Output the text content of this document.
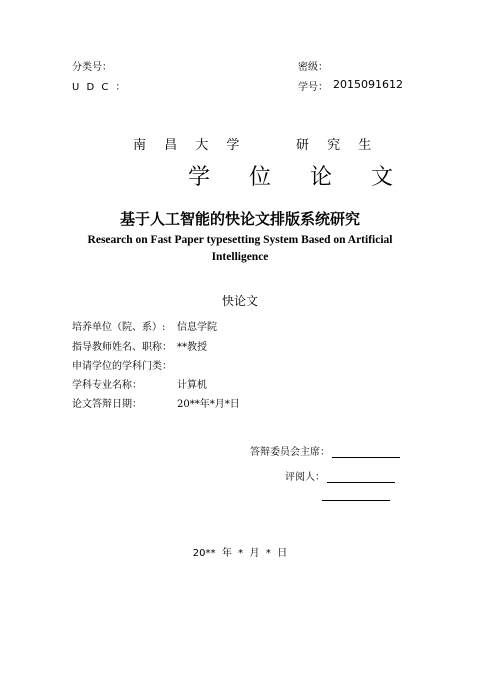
分类号：	密级：
U D C ：	学号： 2015091612
南 昌 大 学	研 究 生
学 位 论 文
基于人工智能的快论文排版系统研究
Research on Fast Paper typesetting System Based on Artificial
Intelligence
快论文
培养单位（院、系）: 信息学院
指导教师姓名、职称： **教授
申请学位的学科门类：
学科专业名称：	计算机
论文答辩日期：	20**年*月*日
答辩委员会主席：
评阅人：
20**  年  *  月  *  日
